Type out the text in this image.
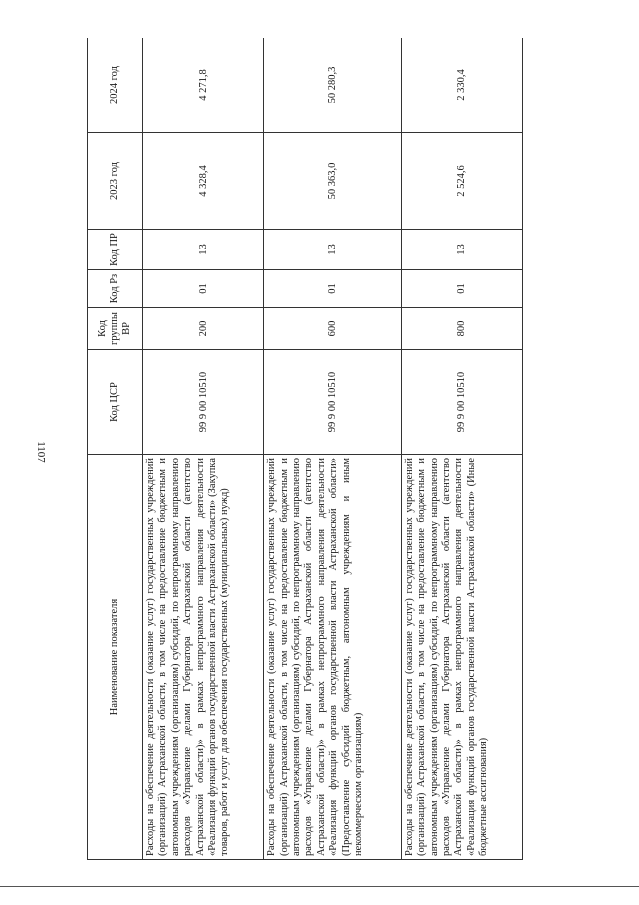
1107
Наименование показателя	Код ЦСР	Код группы ВР	Код Рз	Код ПР	2023 год	2024 год
Расходы на обеспечение деятельности (оказание услуг) государственных учреждений (организаций) Астраханской области, в том числе на предоставление бюджетным и автономным учреждениям (организациям) субсидий, по непрограммному направлению расходов «Управление делами Губернатора Астраханской области (агентство Астраханской области)» в рамках непрограммного направления деятельности «Реализация функций органов государственной власти Астраханской области» (Закупка товаров, работ и услуг для обеспечения государственных (муниципальных) нужд)	99 9 00 10510	200	01	13	4 328,4	4 271,8
Расходы на обеспечение деятельности (оказание услуг) государственных учреждений (организаций) Астраханской области, в том числе на предоставление бюджетным и автономным учреждениям (организациям) субсидий, по непрограммному направлению расходов «Управление делами Губернатора Астраханской области (агентство Астраханской области)» в рамках непрограммного направления деятельности «Реализация функций органов государственной власти Астраханской области» (Предоставление субсидий бюджетным, автономным учреждениям и иным некоммерческим организациям)	99 9 00 10510	600	01	13	50 363,0	50 280,3
Расходы на обеспечение деятельности (оказание услуг) государственных учреждений (организаций) Астраханской области, в том числе на предоставление бюджетным и автономным учреждениям (организациям) субсидий, по непрограммному направлению расходов «Управление делами Губернатора Астраханской области (агентство Астраханской области)» в рамках непрограммного направления деятельности «Реализация функций органов государственной власти Астраханской области» (Иные бюджетные ассигнования)	99 9 00 10510	800	01	13	2 524,6	2 330,4
